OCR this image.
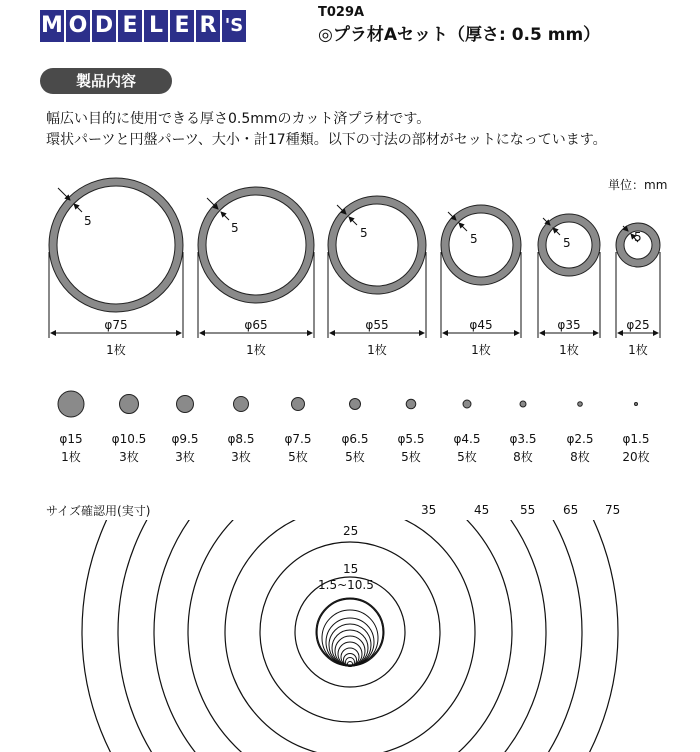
M O D E L E R 'S
T029A
◎プラ材Aセット（厚さ: 0.5 mm）
製品内容
幅広い目的に使用できる厚さ0.5mmのカット済プラ材です。
環状パーツと円盤パーツ、大小・計17種類。以下の寸法の部材がセットになっています。
単位：mm
5	5	5	5	5	5
φ75
1枚
φ65
1枚
φ55
1枚
φ45
1枚
φ35
1枚
φ25
1枚
φ15
1枚
φ10.5
3枚
φ9.5
3枚
φ8.5
3枚
φ7.5
5枚
φ6.5
5枚
φ5.5
5枚
φ4.5
5枚
φ3.5
8枚
φ2.5
8枚
φ1.5
20枚
サイズ確認用(実寸)
25
35	45	55 65 75
15
1.5~10.5
